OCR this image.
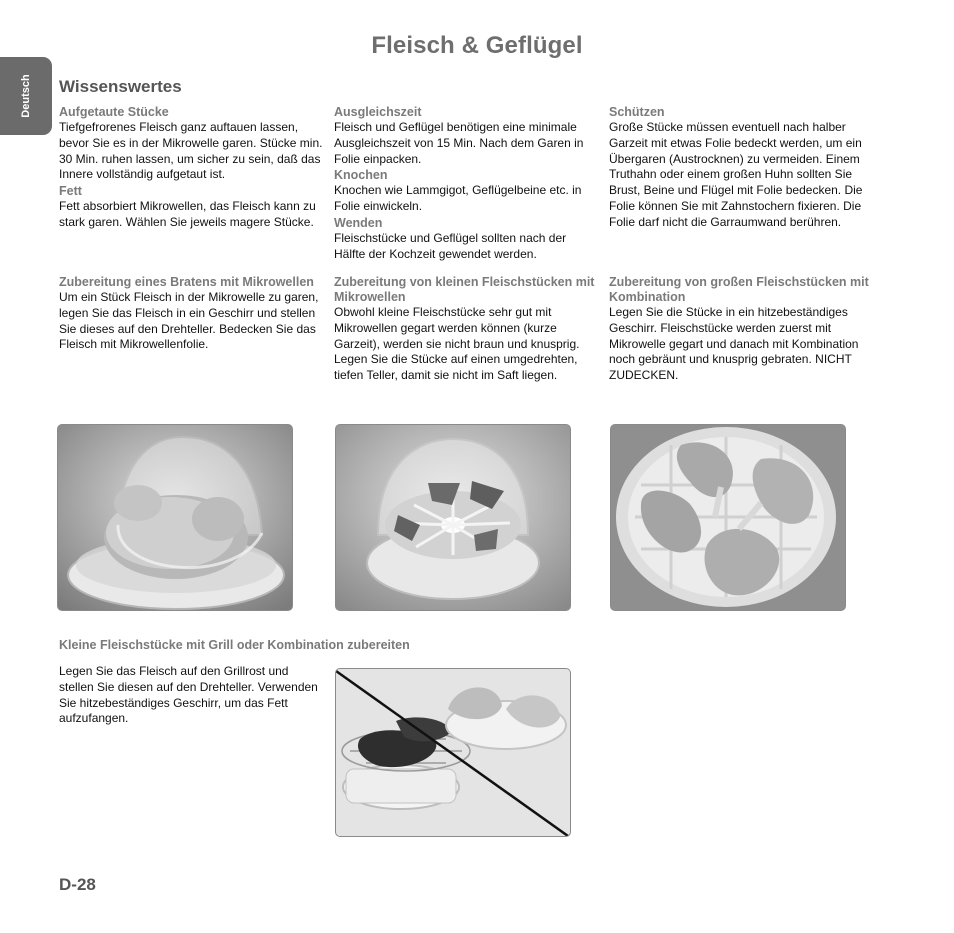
Fleisch & Geflügel
Deutsch Wissenswertes
Aufgetaute Stücke

Tiefgefrorenes Fleisch ganz auftauen lassen, bevor Sie es in der Mikrowelle garen. Stücke min. 30 Min. ruhen lassen, um sicher zu sein, daß das Innere vollständig aufgetaut ist.

Fett

Fett absorbiert Mikrowellen, das Fleisch kann zu stark garen. Wählen Sie jeweils magere Stücke.

Ausgleichszeit

Fleisch und Geflügel benötigen eine minimale Ausgleichszeit von 15 Min. Nach dem Garen in Folie einpacken.

Knochen

Knochen wie Lammgigot, Geflügelbeine etc. in Folie einwickeln.

Wenden

Fleischstücke und Geflügel sollten nach der Hälfte der Kochzeit gewendet werden.

Schützen

Große Stücke müssen eventuell nach halber Garzeit mit etwas Folie bedeckt werden, um ein Übergaren (Austrocknen) zu vermeiden. Einem Truthahn oder einem großen Huhn sollten Sie Brust, Beine und Flügel mit Folie bedecken. Die Folie können Sie mit Zahnstochern fixieren. Die Folie darf nicht die Garraumwand berühren.

Zubereitung eines Bratens mit Mikrowellen

Um ein Stück Fleisch in der Mikrowelle zu garen, legen Sie das Fleisch in ein Geschirr und stellen Sie dieses auf den Drehteller. Bedecken Sie das Fleisch mit Mikrowellenfolie.

Zubereitung von kleinen Fleischstücken mit Mikrowellen

Obwohl kleine Fleischstücke sehr gut mit Mikrowellen gegart werden können (kurze Garzeit), werden sie nicht braun und knusprig. Legen Sie die Stücke auf einen umgedrehten, tiefen Teller, damit sie nicht im Saft liegen.

Zubereitung von großen Fleischstücken mit Kombination

Legen Sie die Stücke in ein hitzebeständiges Geschirr. Fleischstücke werden zuerst mit Mikrowelle gegart und danach mit Kombination noch gebräunt und knusprig gebraten. NICHT ZUDECKEN.

Kleine Fleischstücke mit Grill oder Kombination zubereiten

Legen Sie das Fleisch auf den Grillrost und stellen Sie diesen auf den Drehteller. Verwenden Sie hitzebeständiges Geschirr, um das Fett aufzufangen.

D-28
